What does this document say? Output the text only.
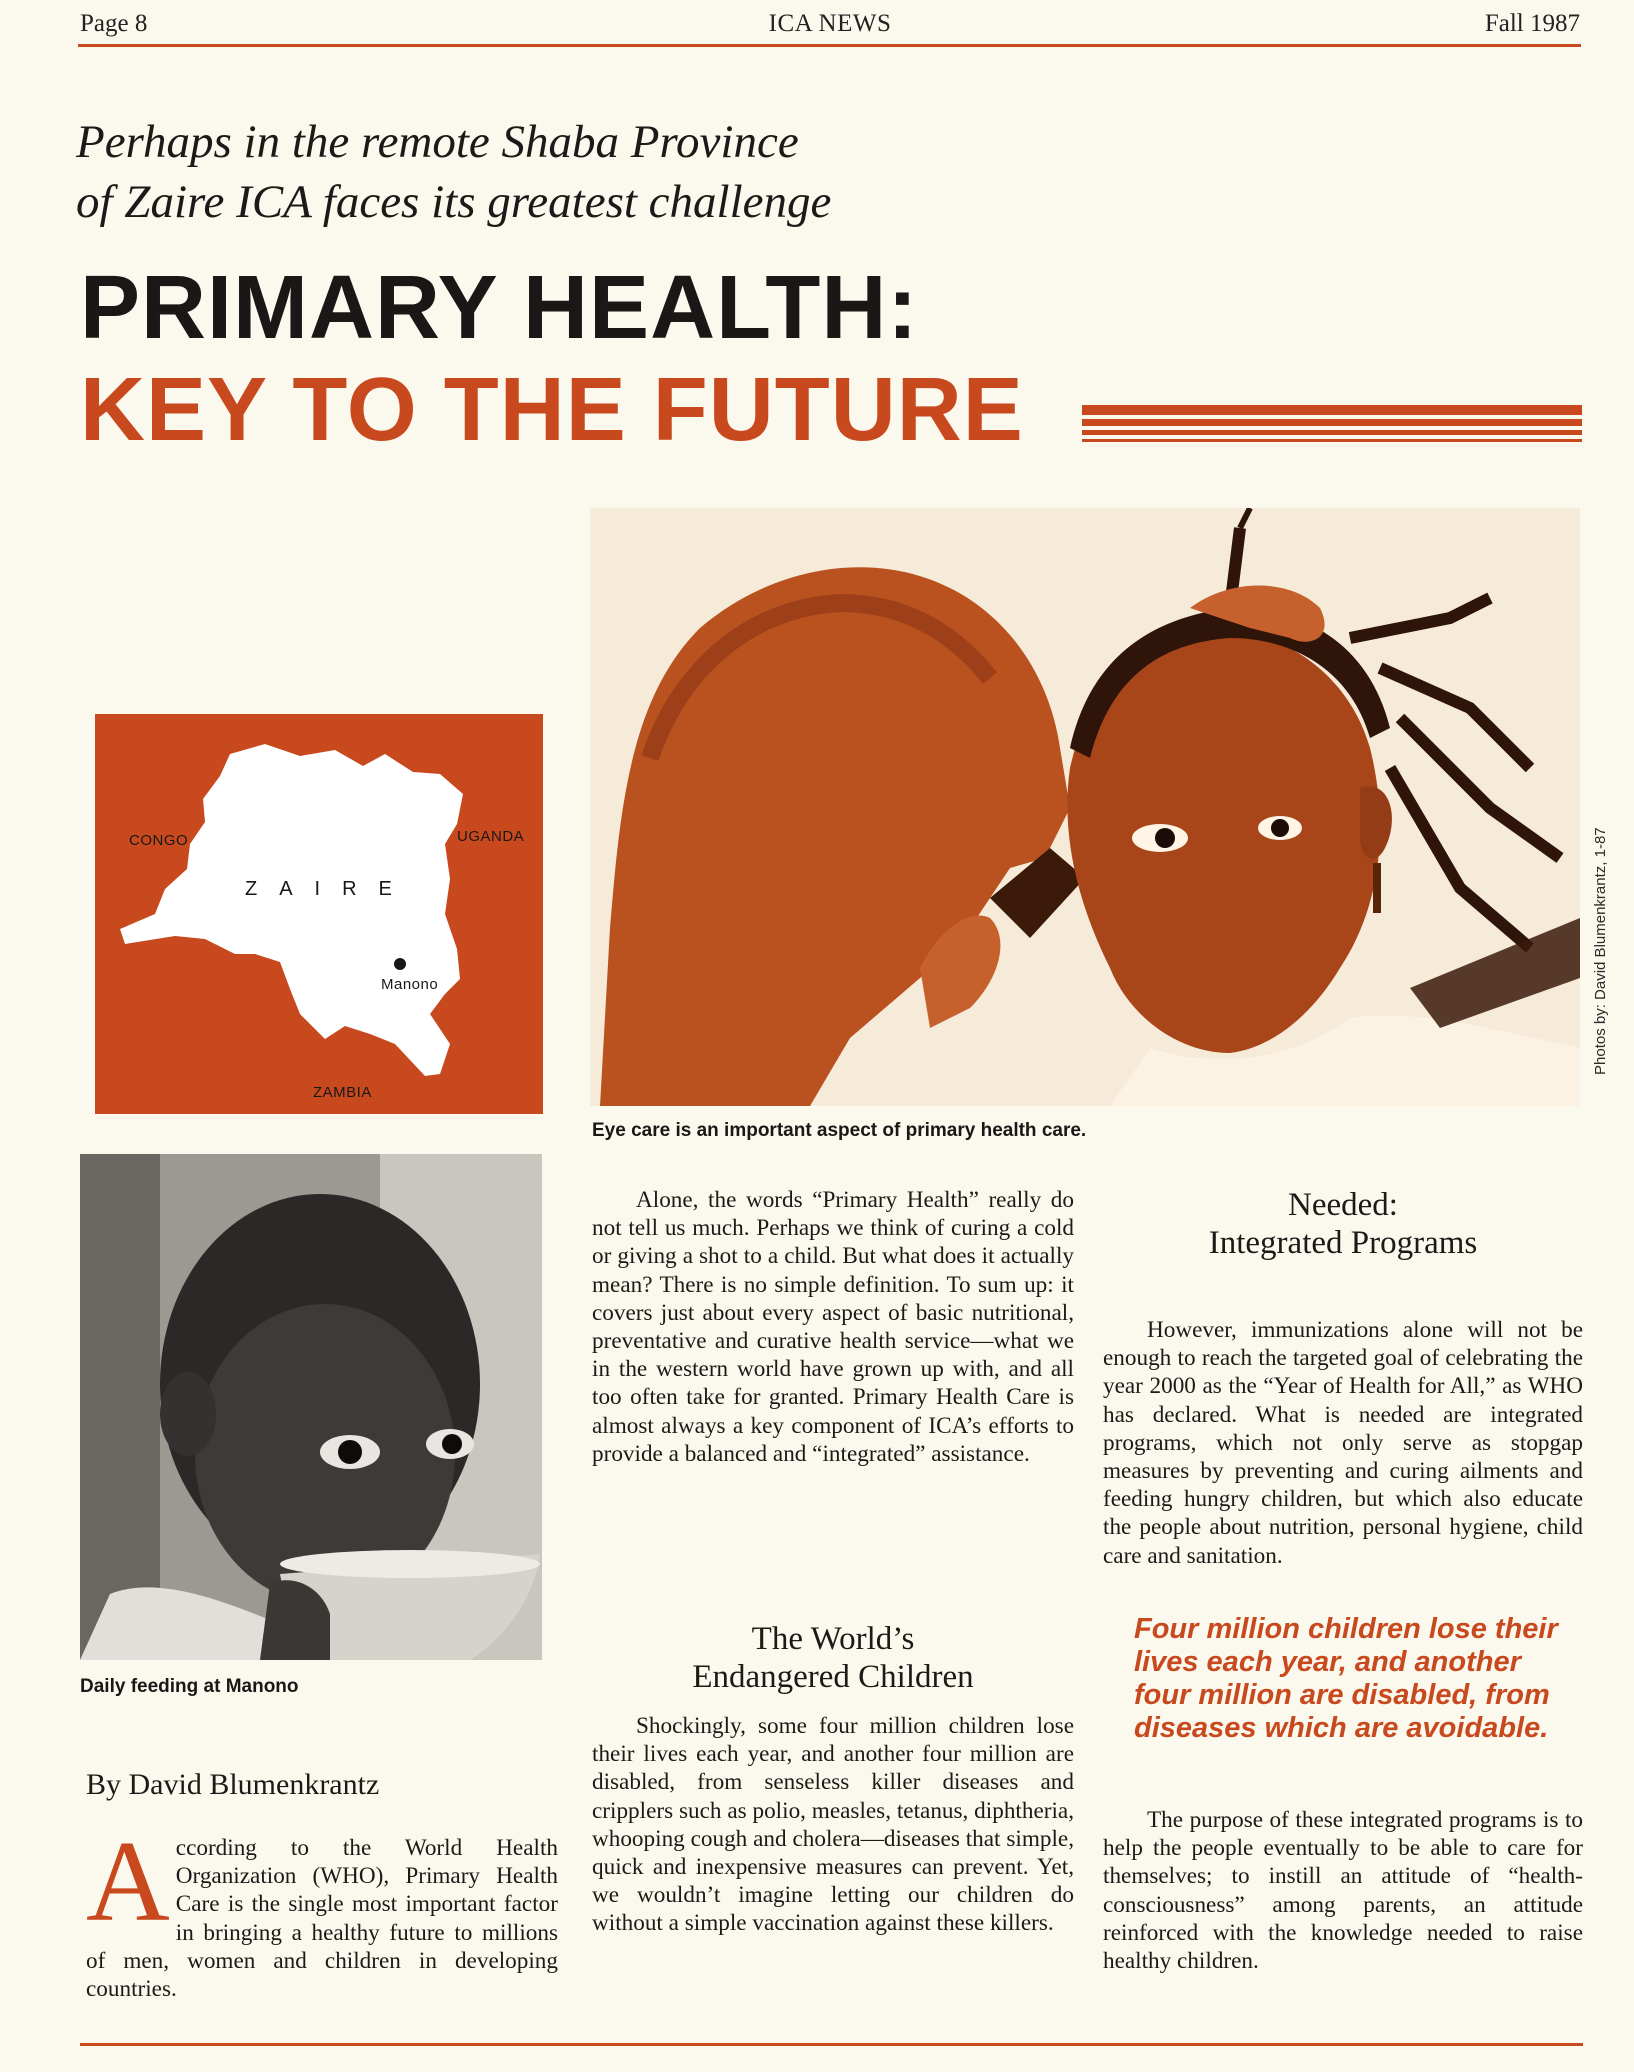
Page 8	ICA NEWS	Fall 1987
Perhaps in the remote Shaba Province
of Zaire ICA faces its greatest challenge
PRIMARY HEALTH:
KEY TO THE FUTURE
CONGO	UGANDA
ZAIRE
Manono
ZAMBIA
Photos by: David Blumenkrantz, 1-87
Eye care is an important aspect of primary health care.
Daily feeding at Manono
By David Blumenkrantz

According to the World Health Organization (WHO), Primary Health Care is the single most important factor in bringing a healthy future to millions of men, women and children in developing countries.

Alone, the words “Primary Health” really do not tell us much. Perhaps we think of curing a cold or giving a shot to a child. But what does it actually mean? There is no simple definition. To sum up: it covers just about every aspect of basic nutritional, preventative and curative health service—what we in the western world have grown up with, and all too often take for granted. Primary Health Care is almost always a key component of ICA’s efforts to provide a balanced and “integrated” assistance.

The World’s
Endangered Children

Shockingly, some four million children lose their lives each year, and another four million are disabled, from senseless killer diseases and cripplers such as polio, measles, tetanus, diphtheria, whooping cough and cholera—diseases that simple, quick and inexpensive measures can prevent. Yet, we wouldn’t imagine letting our children do without a simple vaccination against these killers.

Needed:
Integrated Programs

However, immunizations alone will not be enough to reach the targeted goal of celebrating the year 2000 as the “Year of Health for All,” as WHO has declared. What is needed are integrated programs, which not only serve as stopgap measures by preventing and curing ailments and feeding hungry children, but which also educate the people about nutrition, personal hygiene, child care and sanitation.

Four million children lose their lives each year, and another four million are disabled, from diseases which are avoidable.

The purpose of these integrated programs is to help the people eventually to be able to care for themselves; to instill an attitude of “health-consciousness” among parents, an attitude reinforced with the knowledge needed to raise healthy children.
